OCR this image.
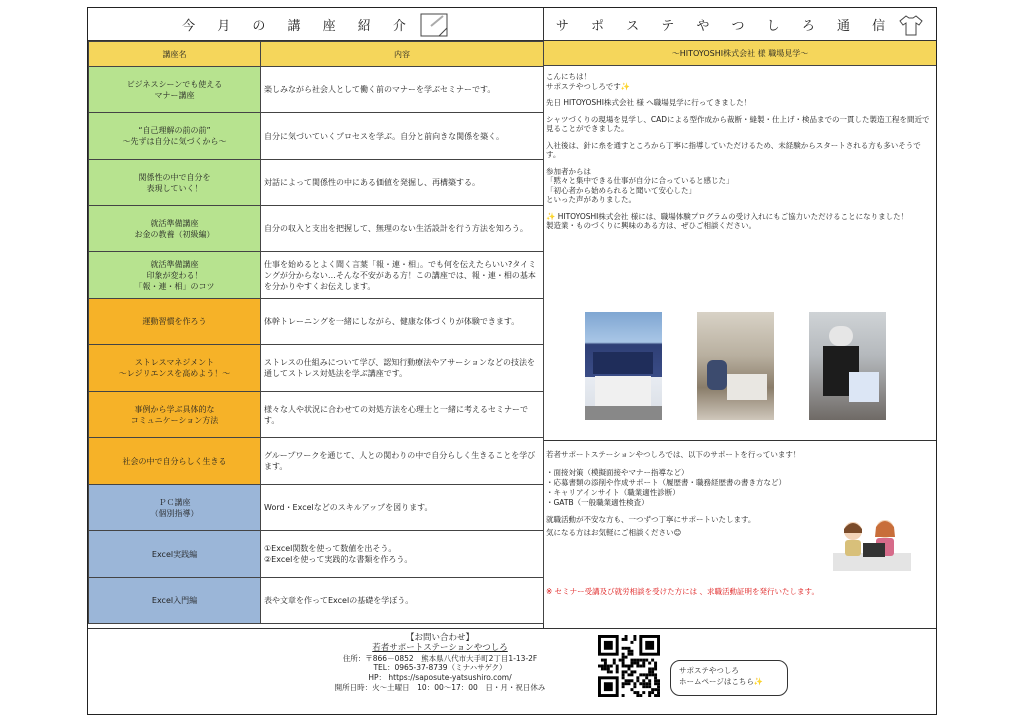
今 月 の 講 座 紹 介	サ ポ ス テ や つ し ろ 通 信
講座名	内容
ビジネスシーンでも使える
マナー講座	楽しみながら社会人として働く前のマナーを学ぶセミナーです。
“自己理解の前の前”
～先ずは自分に気づくから～	自分に気づいていくプロセスを学ぶ。自分と前向きな関係を築く。
関係性の中で自分を
表現していく！	対話によって関係性の中にある価値を発掘し、再構築する。
就活準備講座
お金の教養（初級編）	自分の収入と支出を把握して、無理のない生活設計を行う方法を知ろう。
就活準備講座
印象が変わる！
「報・連・相」のコツ	仕事を始めるとよく聞く言葉「報・連・相」。でも何を伝えたらいい?タイミングが分からない…そんな不安がある方！この講座では、報・連・相の基本を分かりやすくお伝えします。
運動習慣を作ろう	体幹トレーニングを一緒にしながら、健康な体づくりが体験できます。
ストレスマネジメント
～レジリエンスを高めよう！～	ストレスの仕組みについて学び、認知行動療法やアサーションなどの技法を通してストレス対処法を学ぶ講座です。
事例から学ぶ具体的な
コミュニケーション方法	様々な人や状況に合わせての対処方法を心理士と一緒に考えるセミナーです。
社会の中で自分らしく生きる	グループワークを通じて、人との関わりの中で自分らしく生きることを学びます。
ＰＣ講座
（個別指導）	Word・Excelなどのスキルアップを図ります。
Excel実践編	①Excel関数を使って数値を出そう。
②Excelを使って実践的な書類を作ろう。
Excel入門編	表や文章を作ってExcelの基礎を学ぼう。
～HITOYOSHI株式会社 様 職場見学～

こんにちは！
サポステやつしろです✨

先日 HITOYOSHI株式会社 様 へ職場見学に行ってきました！

シャツづくりの現場を見学し、CADによる型作成から裁断・縫製・仕上げ・検品までの一貫した製造工程を間近で見ることができました。

入社後は、針に糸を通すところから丁寧に指導していただけるため、未経験からスタートされる方も多いそうです。

参加者からは
「黙々と集中できる仕事が自分に合っていると感じた」
「初心者から始められると聞いて安心した」
といった声がありました。

✨ HITOYOSHI株式会社 様には、職場体験プログラムの受け入れにもご協力いただけることになりました！
製造業・ものづくりに興味のある方は、ぜひご相談ください。

若者サポートステーションやつしろでは、以下のサポートを行っています！

・面接対策（模擬面接やマナー指導など）
・応募書類の添削や作成サポート（履歴書・職務経歴書の書き方など）
・キャリアインサイト（職業適性診断）
・GATB（一般職業適性検査）

就職活動が不安な方も、一つずつ丁寧にサポートいたします。

気になる方はお気軽にご相談ください😊

※ セミナー受講及び就労相談を受けた方には 、求職活動証明を発行いたします。
【お問い合わせ】
若者サポートステーションやつしろ
住所：〒866－0852　熊本県八代市大手町2丁目1-13-2F
TEL：0965-37-8739（ミナハサゲク）
HP： https://saposute-yatsushiro.com/
開所日時：火～土曜日　10：00～17：00　日・月・祝日休み
サポステやつしろ
ホームページはこちら✨
